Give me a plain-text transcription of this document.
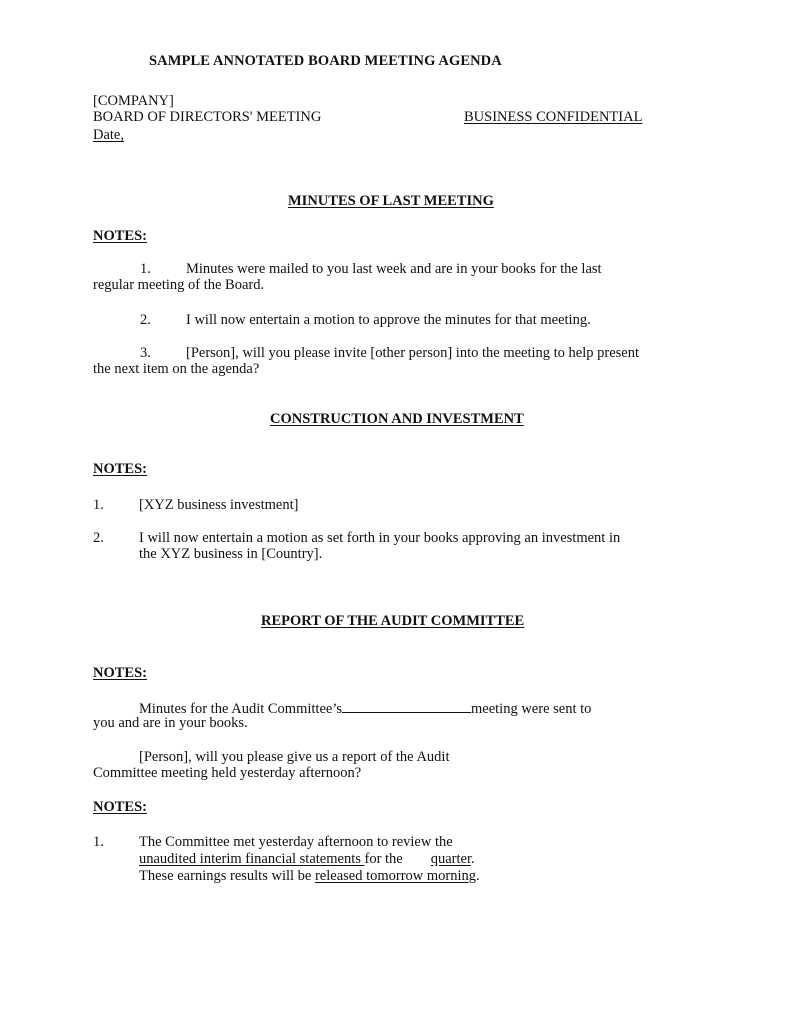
SAMPLE ANNOTATED BOARD MEETING AGENDA
[COMPANY]
BOARD OF DIRECTORS' MEETING	BUSINESS CONFIDENTIAL
Date,
MINUTES OF LAST MEETING
NOTES:
1. Minutes were mailed to you last week and are in your books for the last
regular meeting of the Board.
2. I will now entertain a motion to approve the minutes for that meeting.
3. [Person], will you please invite [other person] into the meeting to help present
the next item on the agenda?
CONSTRUCTION AND INVESTMENT
NOTES:
1. [XYZ business investment]
2. I will now entertain a motion as set forth in your books approving an investment in
the XYZ business in [Country].
REPORT OF THE AUDIT COMMITTEE
NOTES:
Minutes for the Audit Committee’s	meeting were sent to
you and are in your books.
[Person], will you please give us a report of the Audit
Committee meeting held yesterday afternoon?
NOTES:
1. The Committee met yesterday afternoon to review the
unaudited interim financial statements for the quarter.
These earnings results will be released tomorrow morning.
